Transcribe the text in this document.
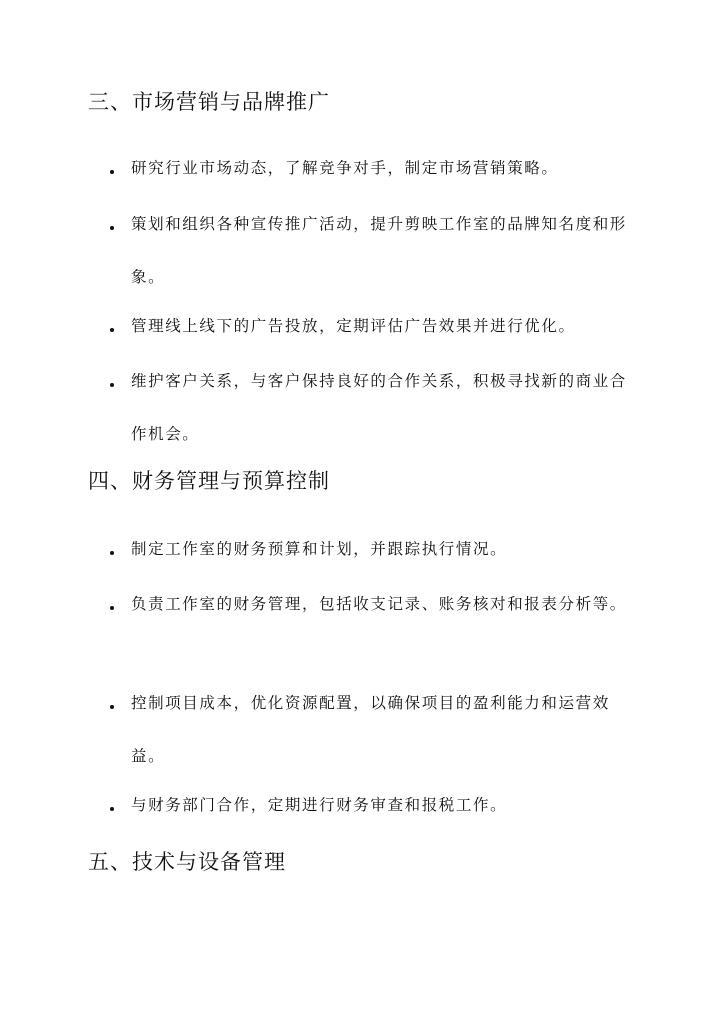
三、市场营销与品牌推广
研究行业市场动态，了解竞争对手，制定市场营销策略。
策划和组织各种宣传推广活动，提升剪映工作室的品牌知名度和形象。
管理线上线下的广告投放，定期评估广告效果并进行优化。
维护客户关系，与客户保持良好的合作关系，积极寻找新的商业合作机会。
四、财务管理与预算控制
制定工作室的财务预算和计划，并跟踪执行情况。
负责工作室的财务管理，包括收支记录、账务核对和报表分析等。
控制项目成本，优化资源配置，以确保项目的盈利能力和运营效益。
与财务部门合作，定期进行财务审查和报税工作。
五、技术与设备管理
